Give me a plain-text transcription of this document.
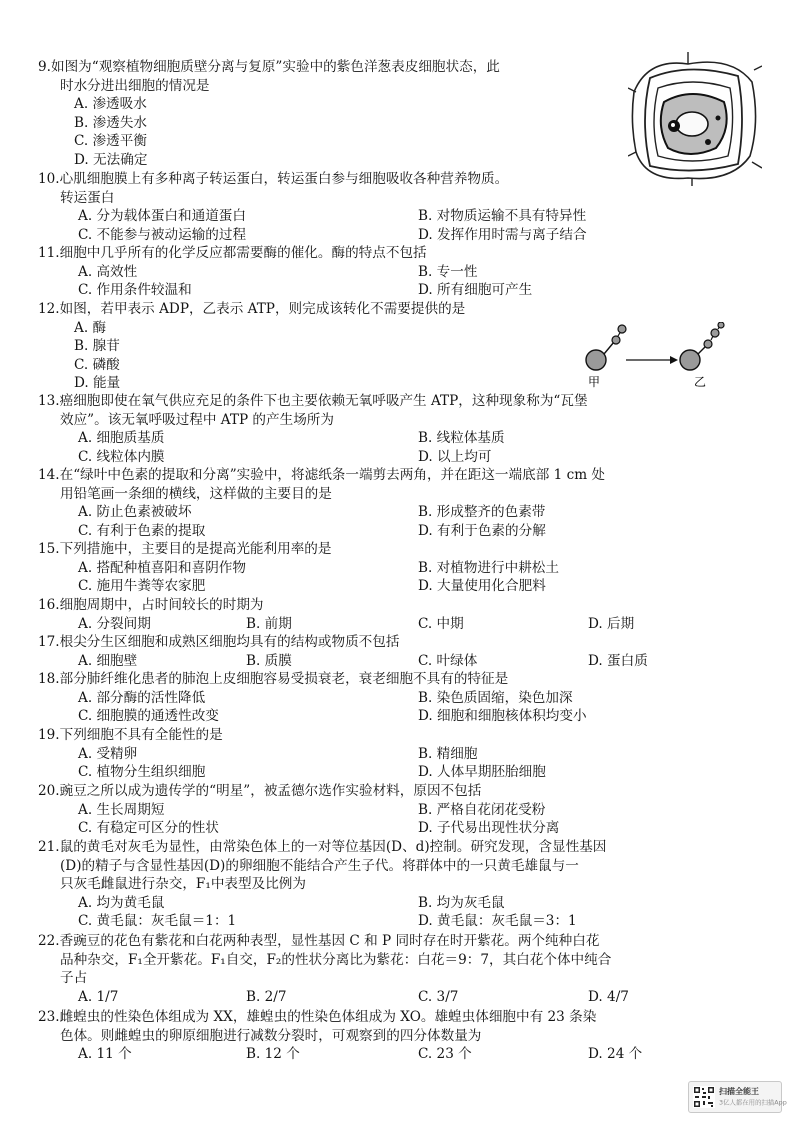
9.如图为“观察植物细胞质壁分离与复原”实验中的紫色洋葱表皮细胞状态，此
时水分进出细胞的情况是
A. 渗透吸水
B. 渗透失水
C. 渗透平衡
D. 无法确定
10.心肌细胞膜上有多种离子转运蛋白，转运蛋白参与细胞吸收各种营养物质。
转运蛋白
A. 分为载体蛋白和通道蛋白	B. 对物质运输不具有特异性
C. 不能参与被动运输的过程	D. 发挥作用时需与离子结合
11.细胞中几乎所有的化学反应都需要酶的催化。酶的特点不包括
A. 高效性	B. 专一性
C. 作用条件较温和	D. 所有细胞可产生
12.如图，若甲表示 ADP，乙表示 ATP，则完成该转化不需要提供的是
A. 酶
B. 腺苷
C. 磷酸
D. 能量	甲	乙
13.癌细胞即使在氧气供应充足的条件下也主要依赖无氧呼吸产生 ATP，这种现象称为“瓦堡
效应”。该无氧呼吸过程中 ATP 的产生场所为
A. 细胞质基质	B. 线粒体基质
C. 线粒体内膜	D. 以上均可
14.在“绿叶中色素的提取和分离”实验中，将滤纸条一端剪去两角，并在距这一端底部 1 cm 处
用铅笔画一条细的横线，这样做的主要目的是
A. 防止色素被破坏	B. 形成整齐的色素带
C. 有利于色素的提取	D. 有利于色素的分解
15.下列措施中，主要目的是提高光能利用率的是
A. 搭配种植喜阳和喜阴作物	B. 对植物进行中耕松土
C. 施用牛粪等农家肥	D. 大量使用化合肥料
16.细胞周期中，占时间较长的时期为
A. 分裂间期	B. 前期	C. 中期	D. 后期
17.根尖分生区细胞和成熟区细胞均具有的结构或物质不包括
A. 细胞壁	B. 质膜	C. 叶绿体	D. 蛋白质
18.部分肺纤维化患者的肺泡上皮细胞容易受损衰老，衰老细胞不具有的特征是
A. 部分酶的活性降低	B. 染色质固缩，染色加深
C. 细胞膜的通透性改变	D. 细胞和细胞核体积均变小
19.下列细胞不具有全能性的是
A. 受精卵	B. 精细胞
C. 植物分生组织细胞	D. 人体早期胚胎细胞
20.豌豆之所以成为遗传学的“明星”，被孟德尔选作实验材料，原因不包括
A. 生长周期短	B. 严格自花闭花受粉
C. 有稳定可区分的性状	D. 子代易出现性状分离
21.鼠的黄毛对灰毛为显性，由常染色体上的一对等位基因(D、d)控制。研究发现，含显性基因
(D)的精子与含显性基因(D)的卵细胞不能结合产生子代。将群体中的一只黄毛雄鼠与一
只灰毛雌鼠进行杂交，F₁中表型及比例为
A. 均为黄毛鼠	B. 均为灰毛鼠
C. 黄毛鼠：灰毛鼠＝1：1	D. 黄毛鼠：灰毛鼠＝3：1
22.香豌豆的花色有紫花和白花两种表型，显性基因 C 和 P 同时存在时开紫花。两个纯种白花
品种杂交，F₁全开紫花。F₁自交，F₂的性状分离比为紫花：白花＝9：7，其白花个体中纯合
子占
A. 1/7	B. 2/7	C. 3/7	D. 4/7
23.雌蝗虫的性染色体组成为 XX，雄蝗虫的性染色体组成为 XO。雄蝗虫体细胞中有 23 条染
色体。则雌蝗虫的卵原细胞进行减数分裂时，可观察到的四分体数量为
A. 11 个	B. 12 个	C. 23 个	D. 24 个
扫描全能王
3亿人都在用的扫描App
